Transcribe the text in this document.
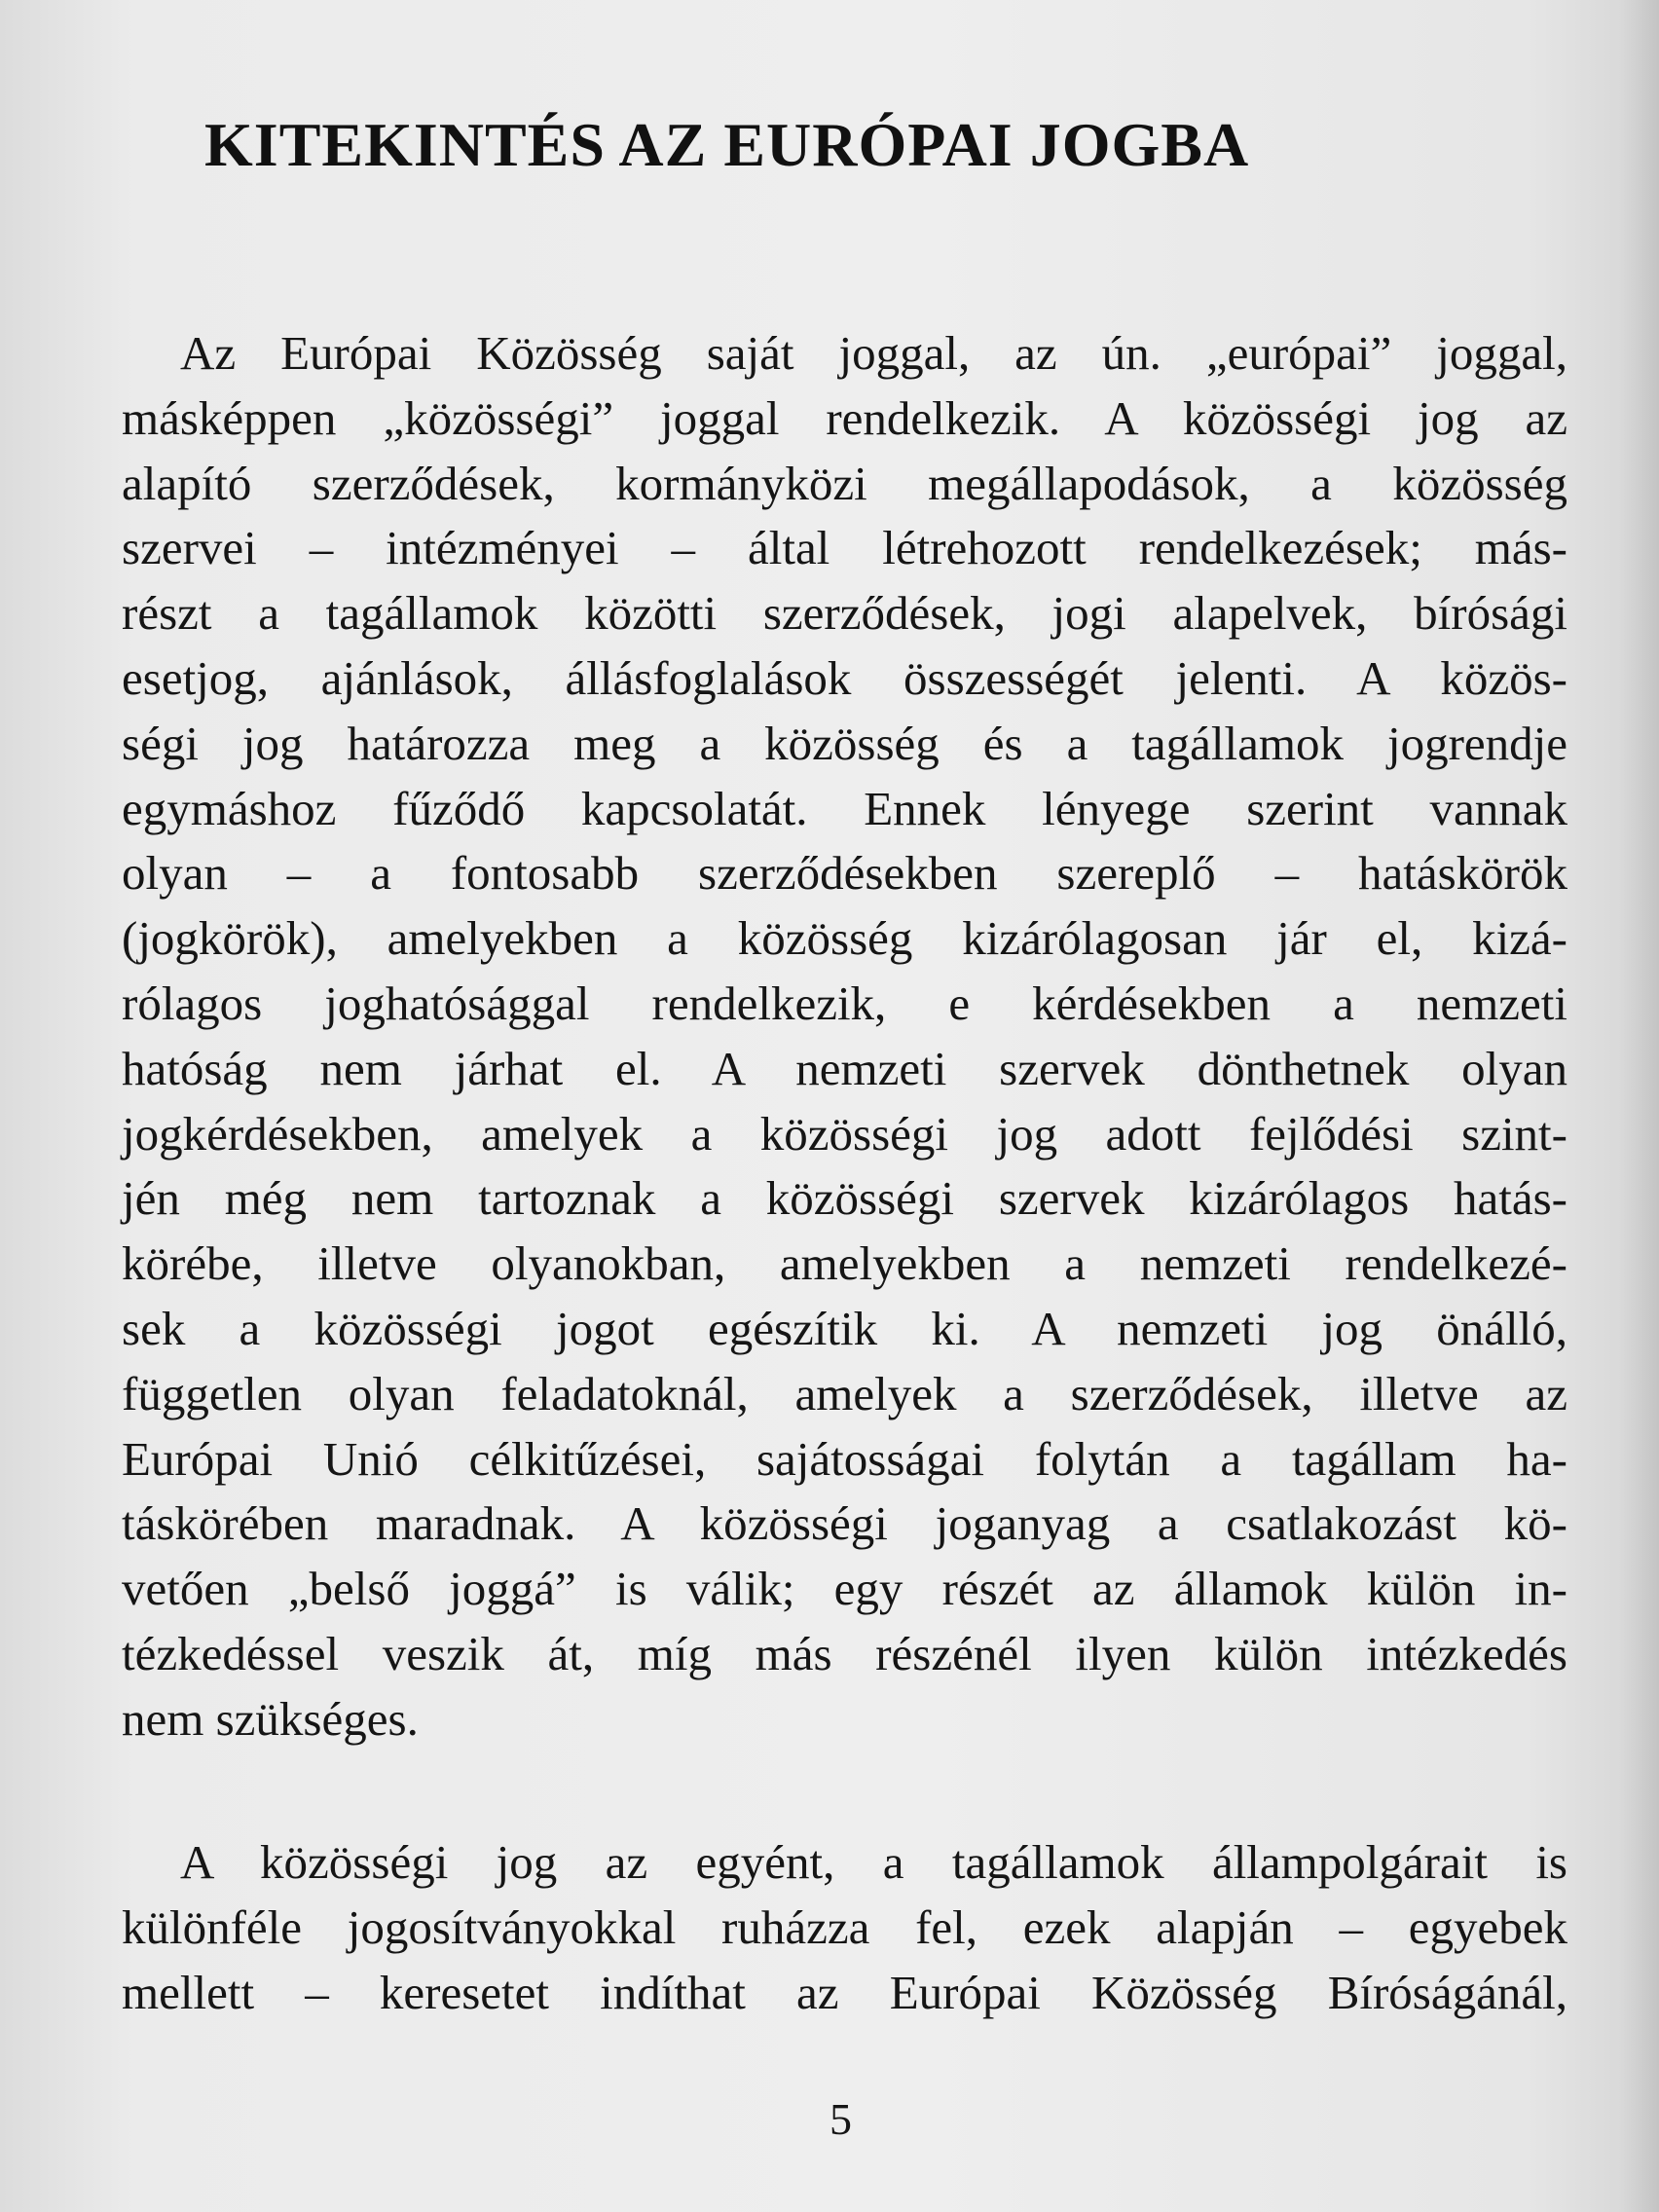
KITEKINTÉS AZ EURÓPAI JOGBA
Az Európai Közösség saját joggal, az ún. „európai” joggal,
másképpen „közösségi” joggal rendelkezik. A közösségi jog az
alapító szerződések, kormányközi megállapodások, a közösség
szervei – intézményei – által létrehozott rendelkezések; más-
részt a tagállamok közötti szerződések, jogi alapelvek, bírósági
esetjog, ajánlások, állásfoglalások összességét jelenti. A közös-
ségi jog határozza meg a közösség és a tagállamok jogrendje
egymáshoz fűződő kapcsolatát. Ennek lényege szerint vannak
olyan – a fontosabb szerződésekben szereplő – hatáskörök
(jogkörök), amelyekben a közösség kizárólagosan jár el, kizá-
rólagos joghatósággal rendelkezik, e kérdésekben a nemzeti
hatóság nem járhat el. A nemzeti szervek dönthetnek olyan
jogkérdésekben, amelyek a közösségi jog adott fejlődési szint-
jén még nem tartoznak a közösségi szervek kizárólagos hatás-
körébe, illetve olyanokban, amelyekben a nemzeti rendelkezé-
sek a közösségi jogot egészítik ki. A nemzeti jog önálló,
független olyan feladatoknál, amelyek a szerződések, illetve az
Európai Unió célkitűzései, sajátosságai folytán a tagállam ha-
táskörében maradnak. A közösségi joganyag a csatlakozást kö-
vetően „belső joggá” is válik; egy részét az államok külön in-
tézkedéssel veszik át, míg más részénél ilyen külön intézkedés
nem szükséges.
A közösségi jog az egyént, a tagállamok állampolgárait is
különféle jogosítványokkal ruházza fel, ezek alapján – egyebek
mellett – keresetet indíthat az Európai Közösség Bíróságánál,
5
